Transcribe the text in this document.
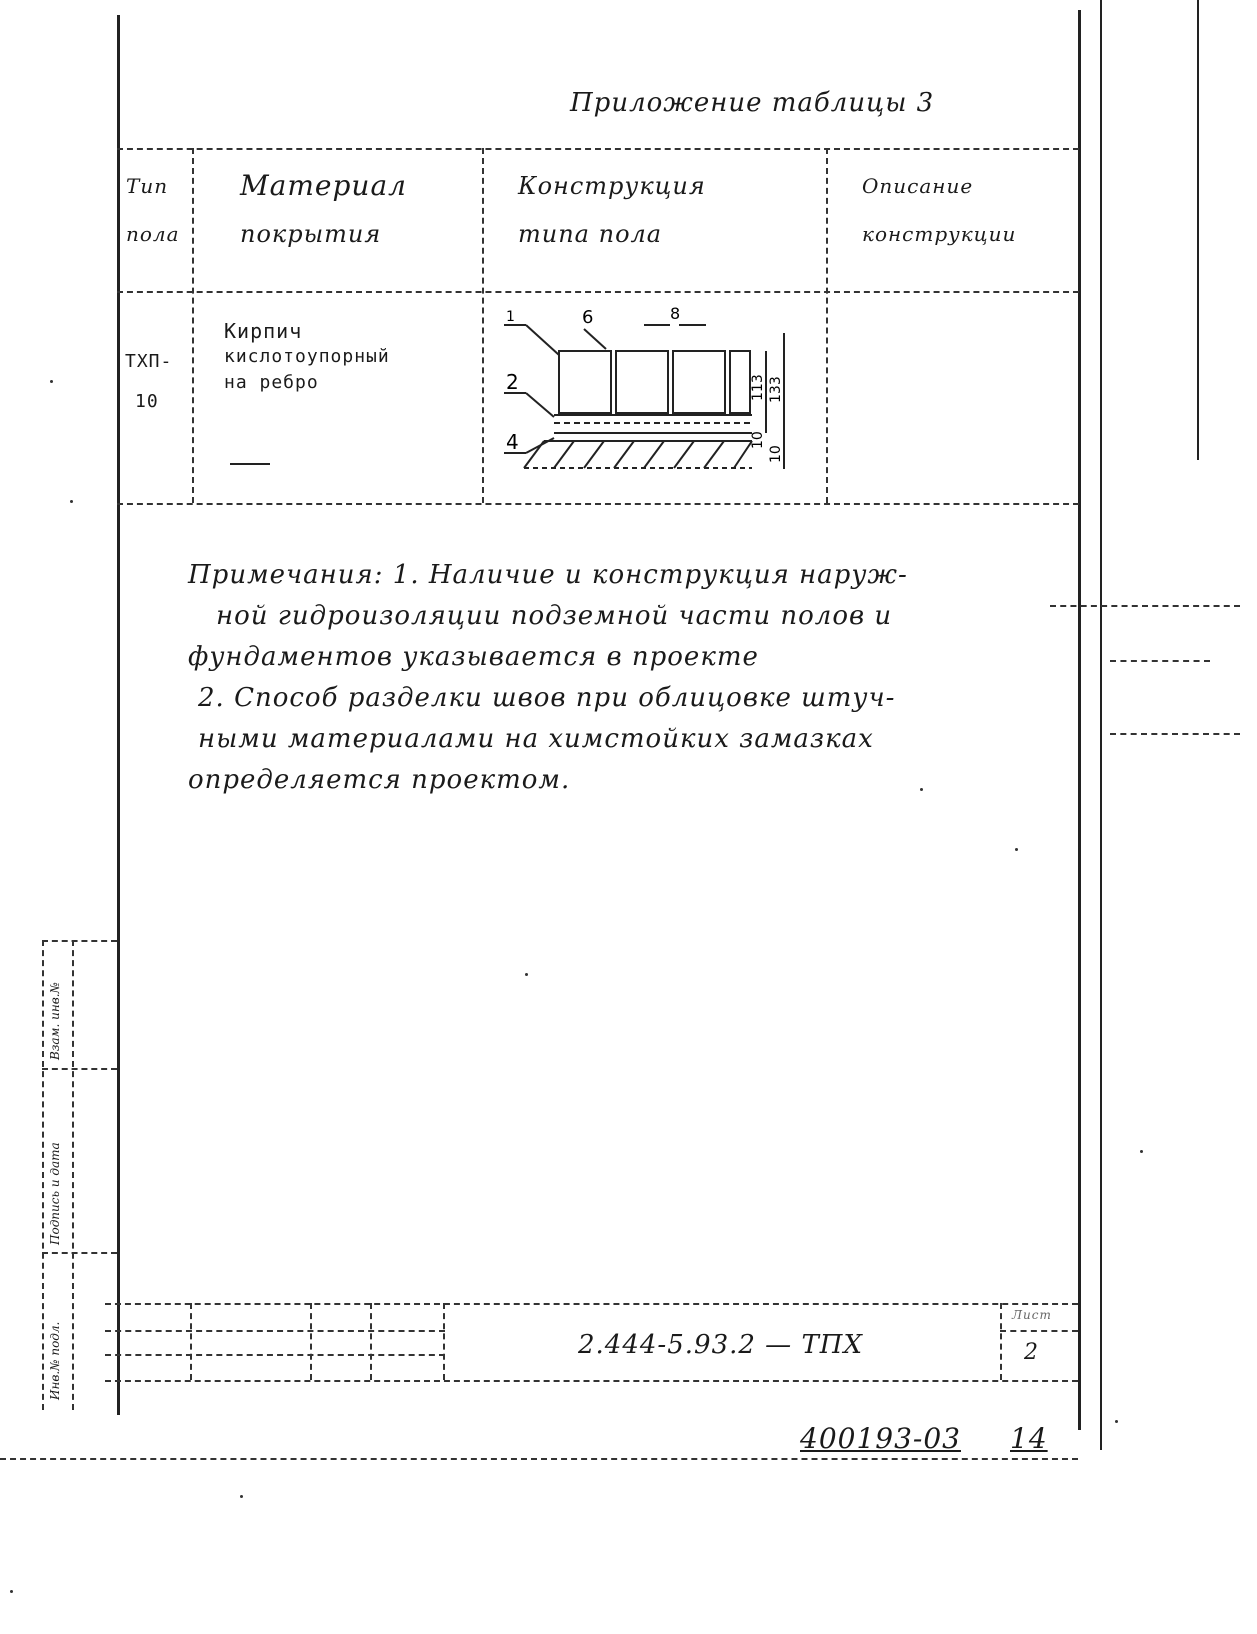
Приложение таблицы 3
Тип
пола
Материал
покрытия
Конструкция
типа пола
Описание
конструкции
ТХП-
10
Кирпич
кислотоупорный
на ребро
1
2
4
6	8
113 133
10
10
Примечания: 1. Наличие и конструкция наруж-
ной гидроизоляции подземной части полов и
фундаментов указывается в проекте
2. Способ разделки швов при облицовке штуч-
ными материалами на химстойких замазках
определяется проектом.
Инв.№ подл.
Подпись и дата
Взам. инв.№
2.444-5.93.2 — ТПХ
Лист
2
400193-03 14
